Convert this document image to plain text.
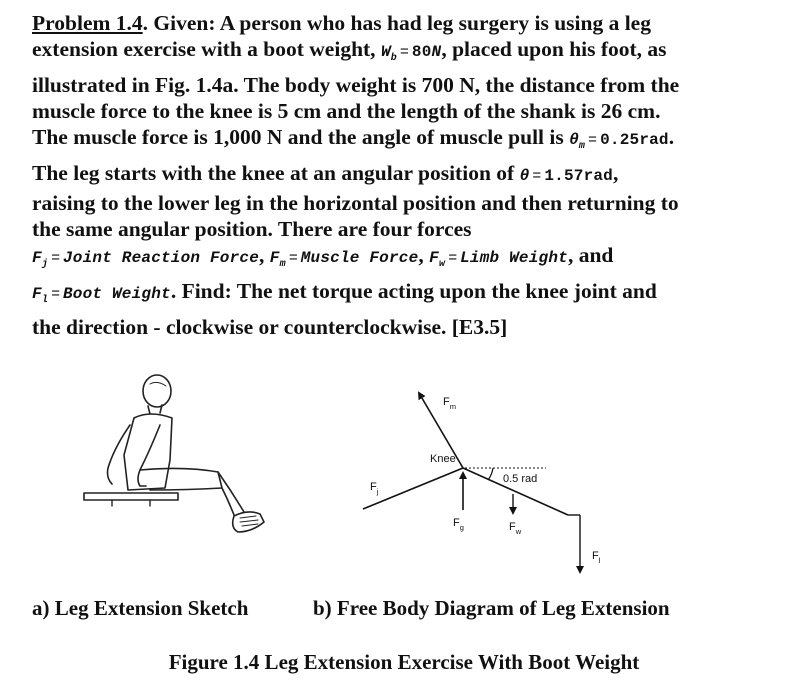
Problem 1.4. Given: A person who has had leg surgery is using a leg
extension exercise with a boot weight, $W_b = 80N$, placed upon his foot, as
illustrated in Fig. 1.4a. The body weight is 700 N, the distance from the
muscle force to the knee is 5 cm and the length of the shank is 26 cm.
The muscle force is 1,000 N and the angle of muscle pull is $\theta_m = 0.25rad$.
The leg starts with the knee at an angular position of θ = 1.57rad,
raising to the lower leg in the horizontal position and then returning to
the same angular position. There are four forces
$F_j$ = Joint Reaction Force, $F_m$ = Muscle Force, $F_w$ = Limb Weight, and
$F_l$ = Boot Weight. Find: The net torque acting upon the knee joint and
the direction - clockwise or counterclockwise. [E3.5]
$F_m$
Knee
0.5 rad
$F_j$
$F_g$	$F_w$
$F_l$
a) Leg Extension Sketch	b) Free Body Diagram of Leg Extension
Figure 1.4 Leg Extension Exercise With Boot Weight
